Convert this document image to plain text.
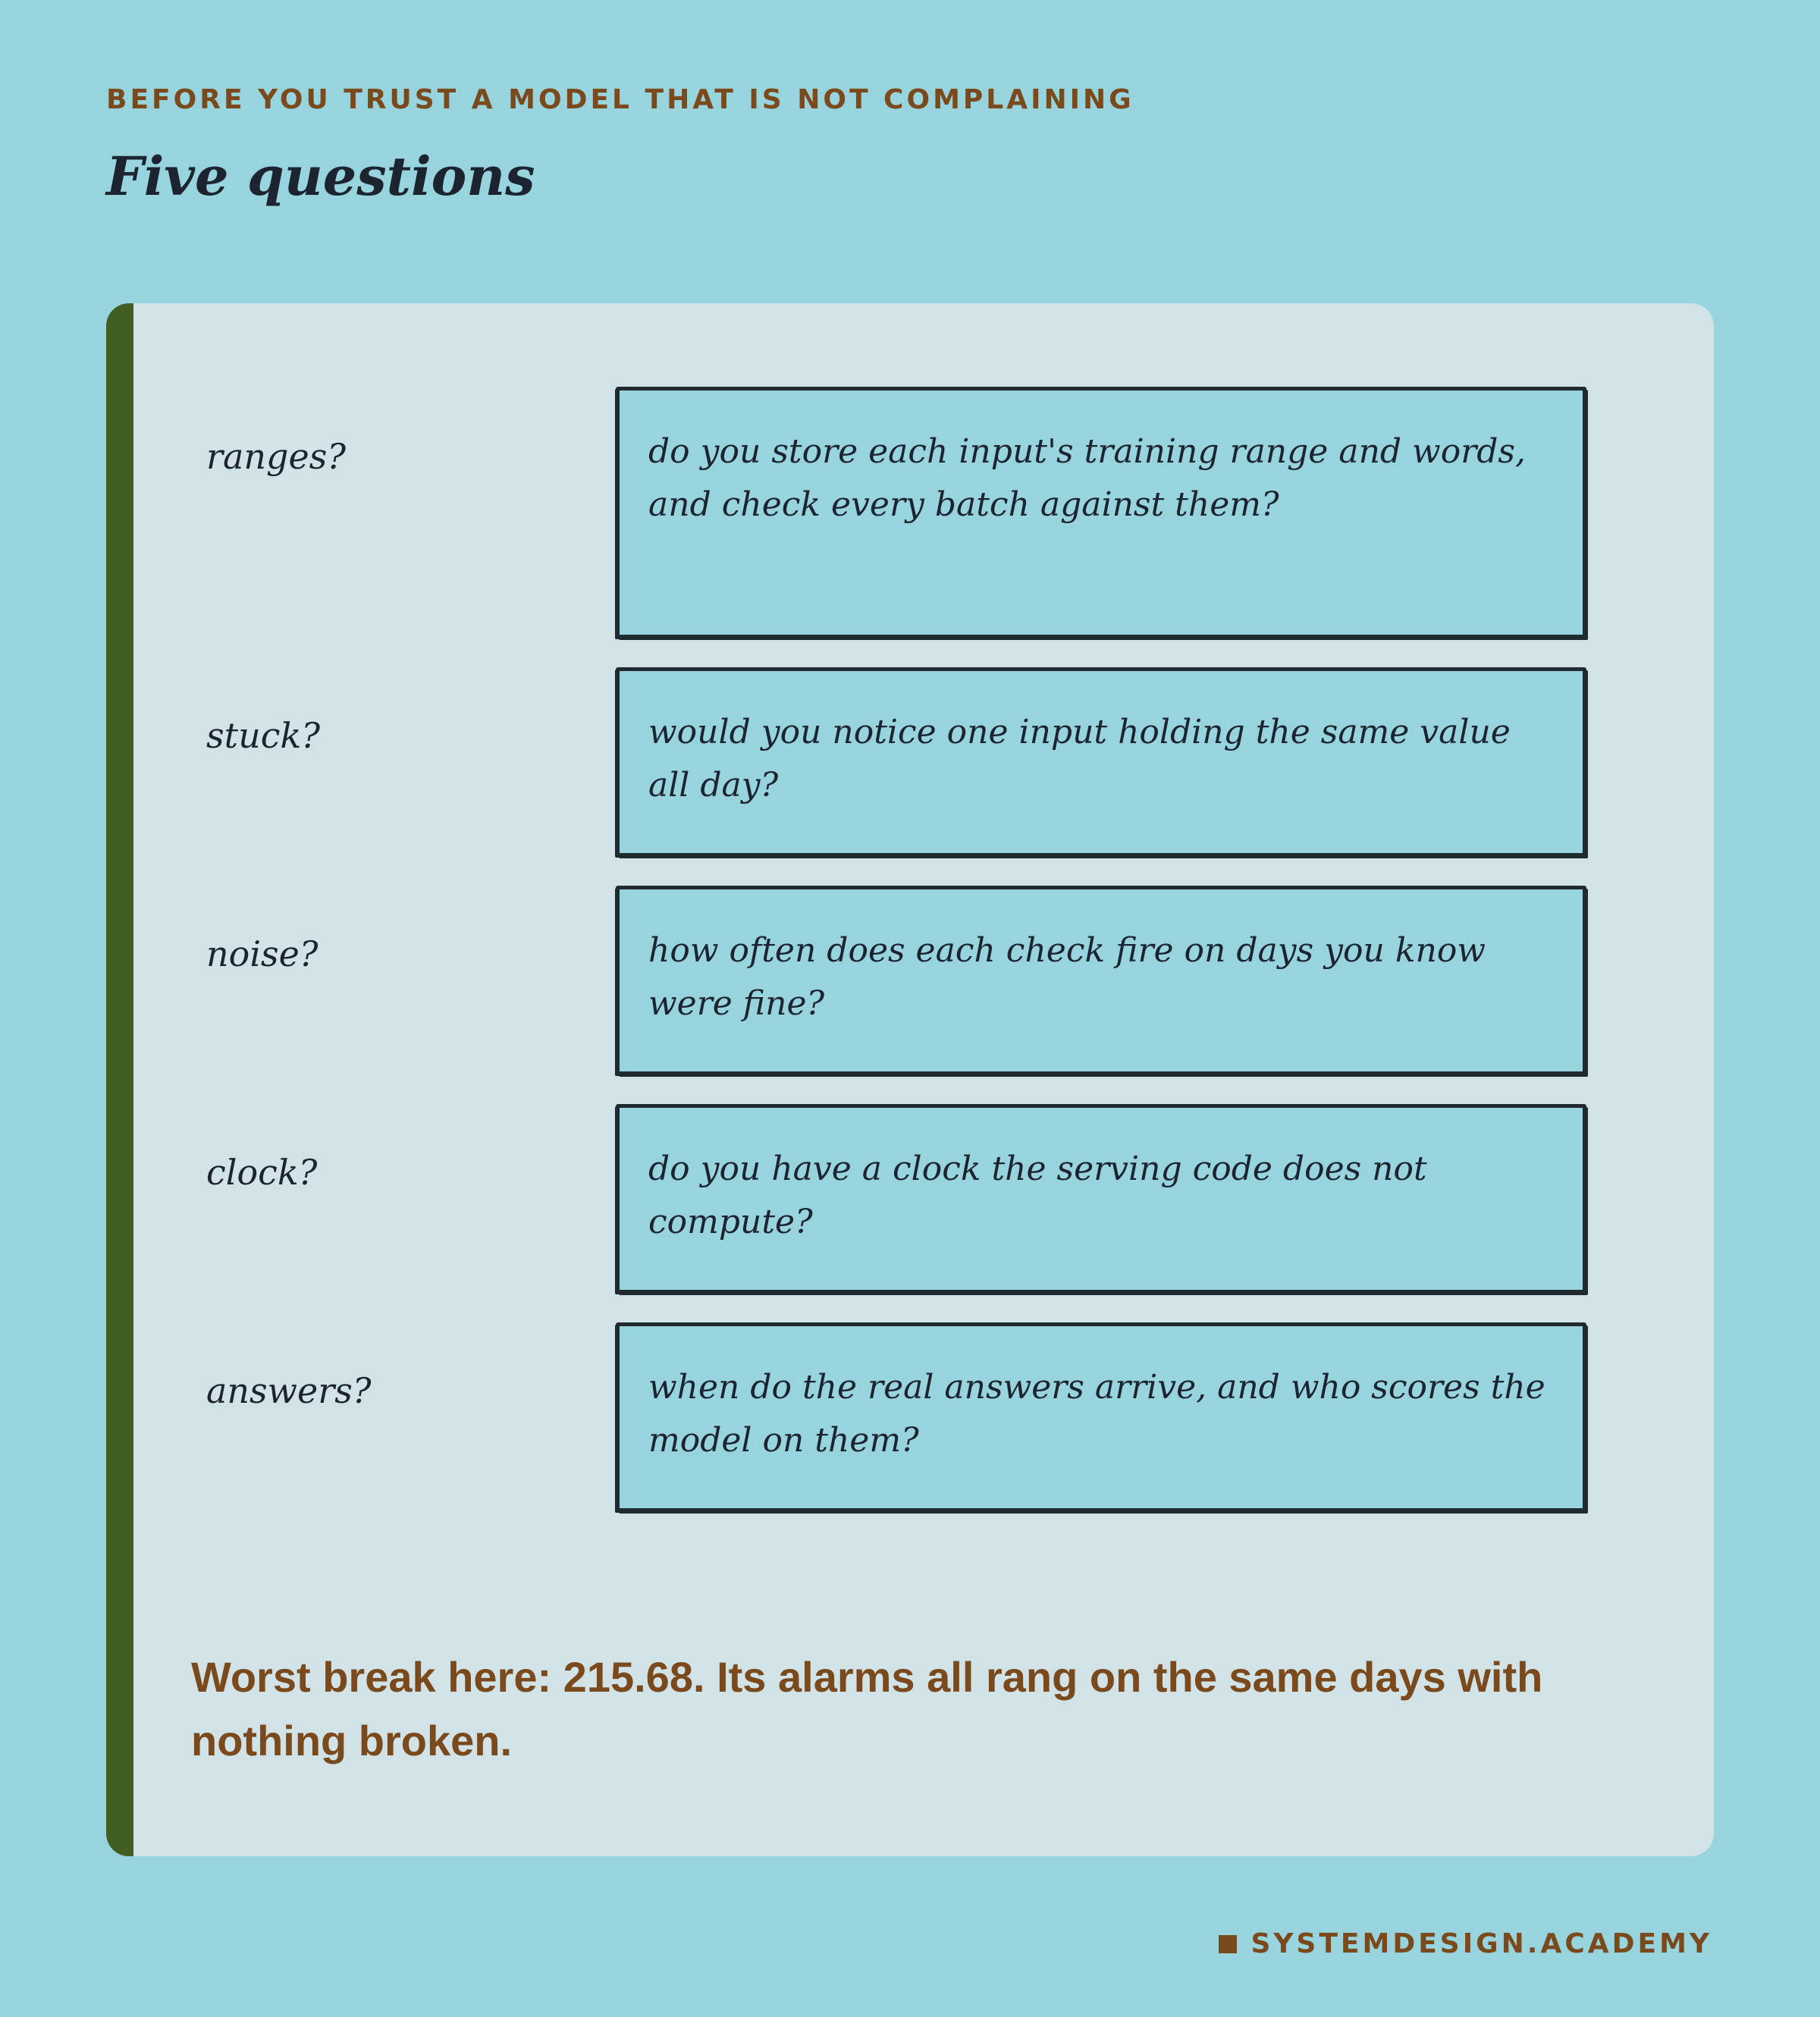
BEFORE YOU TRUST A MODEL THAT IS NOT COMPLAINING
Five questions
ranges?	do you store each input's training range and words, and check every batch against them?
stuck?	would you notice one input holding the same value all day?
noise?	how often does each check fire on days you know were fine?
clock?	do you have a clock the serving code does not compute?
answers?	when do the real answers arrive, and who scores the model on them?
Worst break here: 215.68. Its alarms all rang on the same days with nothing broken.
SYSTEMDESIGN.ACADEMY
